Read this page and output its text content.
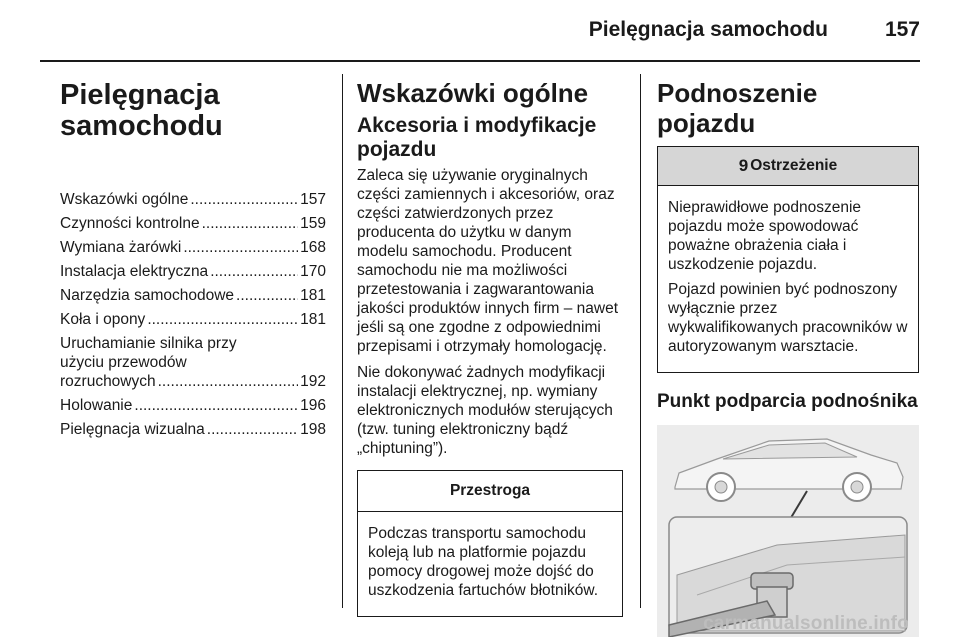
Pielęgnacja samochodu	157
Pielęgnacja
samochodu
Wskazówki ogólne .....	157
Czynności kontrolne .....	159
Wymiana żarówki .....	168
Instalacja elektryczna .....	170
Narzędzia samochodowe .....	181
Koła i opony .....	181
Uruchamianie silnika przy
użyciu przewodów
rozruchowych .....	192
Holowanie .....	196
Pielęgnacja wizualna .....	198
Wskazówki ogólne
Akcesoria i modyfikacje pojazdu

Zaleca się używanie oryginalnych części zamiennych i akcesoriów, oraz części zatwierdzonych przez producenta do użytku w danym modelu samochodu. Producent samochodu nie ma możliwości przetestowania i zagwarantowania jakości produktów innych firm – nawet jeśli są one zgodne z odpowiednimi przepisami i otrzymały homologację.

Nie dokonywać żadnych modyfikacji instalacji elektrycznej, np. wymiany elektronicznych modułów sterujących (tzw. tuning elektroniczny bądź „chiptuning”).

Przestroga

Podczas transportu samochodu koleją lub na platformie pojazdu pomocy drogowej może dojść do uszkodzenia fartuchów błotników.

Podnoszenie pojazdu
9 Ostrzeżenie

Nieprawidłowe podnoszenie pojazdu może spowodować poważne obrażenia ciała i uszkodzenie pojazdu.

Pojazd powinien być podnoszony wyłącznie przez wykwalifikowanych pracowników w autoryzowanym warsztacie.

Punkt podparcia podnośnika
carmanualsonline.info
